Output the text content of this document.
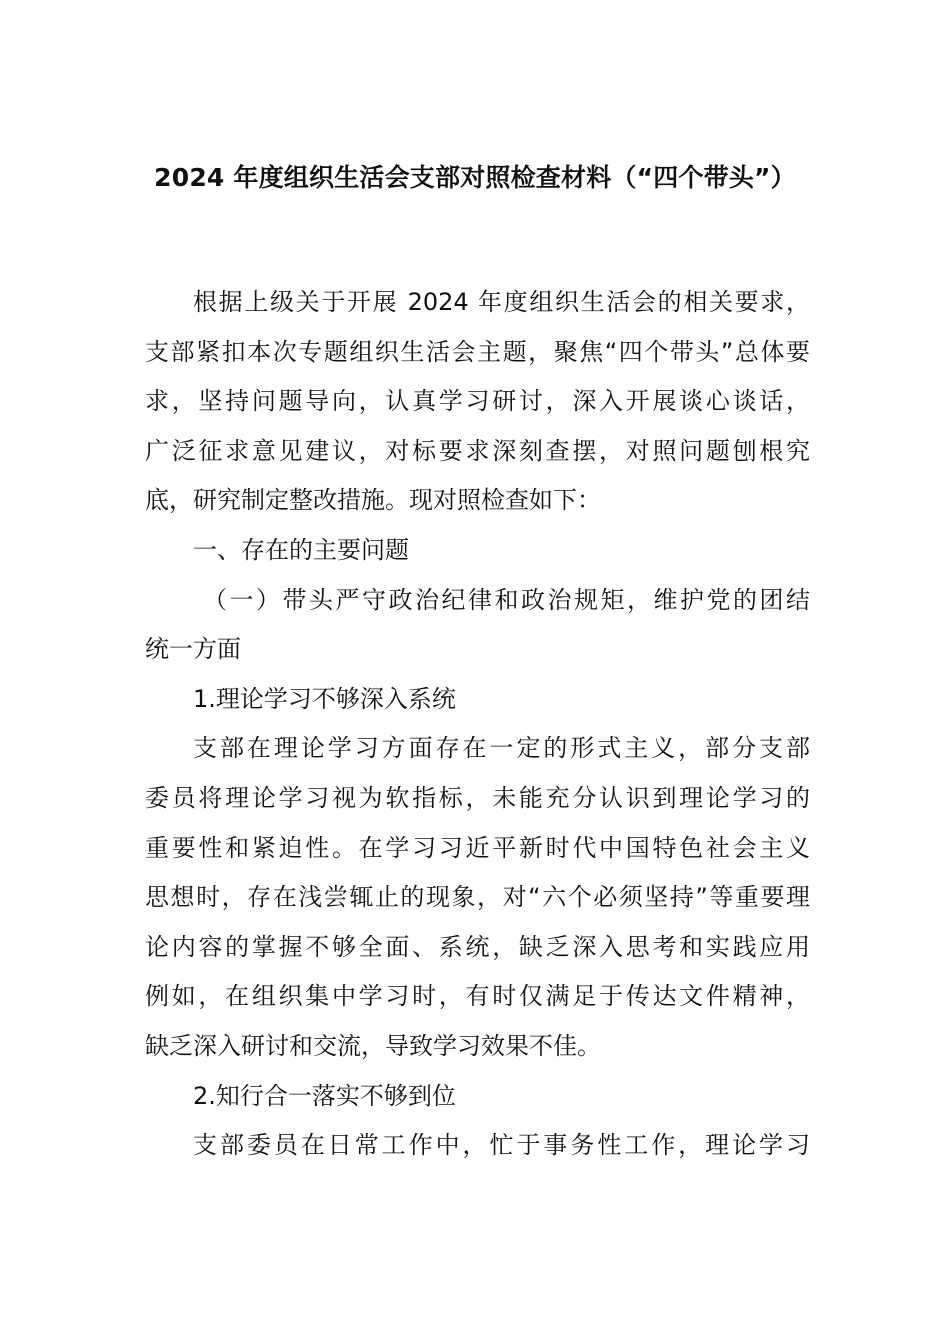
2024 年度组织生活会支部对照检查材料（“四个带头”）

根据上级关于开展 2024 年度组织生活会的相关要求，
支部紧扣本次专题组织生活会主题，聚焦“四个带头”总体要
求，坚持问题导向，认真学习研讨，深入开展谈心谈话，
广泛征求意见建议，对标要求深刻查摆，对照问题刨根究
底，研究制定整改措施。现对照检查如下：

一、存在的主要问题

（一）带头严守政治纪律和政治规矩，维护党的团结
统一方面

1.理论学习不够深入系统

支部在理论学习方面存在一定的形式主义，部分支部
委员将理论学习视为软指标，未能充分认识到理论学习的
重要性和紧迫性。在学习习近平新时代中国特色社会主义
思想时，存在浅尝辄止的现象，对“六个必须坚持”等重要理
论内容的掌握不够全面、系统，缺乏深入思考和实践应用
例如，在组织集中学习时，有时仅满足于传达文件精神，
缺乏深入研讨和交流，导致学习效果不佳。

2.知行合一落实不够到位

支部委员在日常工作中，忙于事务性工作，理论学习
